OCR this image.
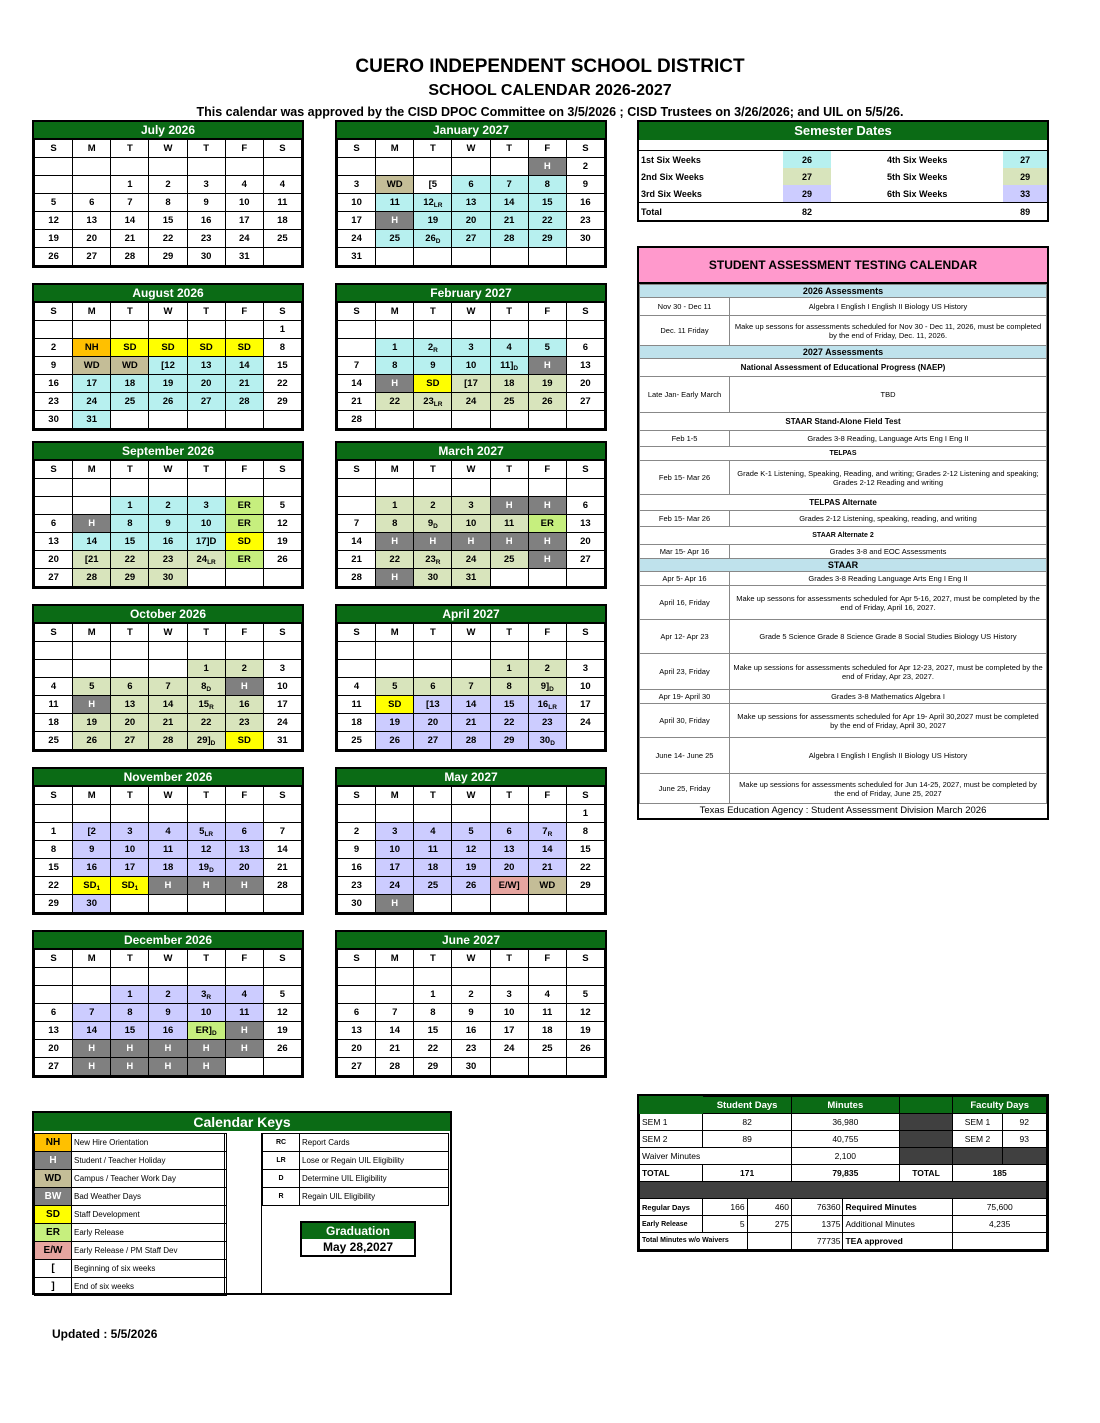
CUERO INDEPENDENT SCHOOL DISTRICT
SCHOOL CALENDAR 2026-2027
This calendar was approved by the CISD DPOC Committee on 3/5/2026 ; CISD Trustees on 3/26/2026; and UIL on 5/5/26.
July 2026
S	M	T	W	T	F	S

		1	2	3	4	4
5	6	7	8	9	10	11
12	13	14	15	16	17	18
19	20	21	22	23	24	25
26	27	28	29	30	31	
January 2027
S	M	T	W	T	F	S
					H	2
3	WD	[5	6	7	8	9
10	11	$12_{LR}$	13	14	15	16
17	H	19	20	21	22	23
24	25	$26_D$	27	28	29	30
31						
August 2026
S	M	T	W	T	F	S
						1
2	NH	SD	SD	SD	SD	8
9	WD	WD	[12	13	14	15
16	17	18	19	20	21	22
23	24	25	26	27	28	29
30	31					
February 2027
S	M	T	W	T	F	S

	1	$2_R$	3	4	5	6
7	8	9	10	$11]_D$	H	13
14	H	SD	[17	18	19	20
21	22	$23_{LR}$	24	25	26	27
28						
September 2026
S	M	T	W	T	F	S

		1	2	3	ER	5
6	H	8	9	10	ER	12
13	14	15	16	17]D	SD	19
20	[21	22	23	$24_{LR}$	ER	26
27	28	29	30			
March 2027
S	M	T	W	T	F	S

	1	2	3	H	H	6
7	8	$9_D$	10	11	ER	13
14	H	H	H	H	H	20
21	22	$23_R$	24	25	H	27
28	H	30	31			
October 2026
S	M	T	W	T	F	S

				1	2	3
4	5	6	7	$8_D$	H	10
11	H	13	14	$15_R$	16	17
18	19	20	21	22	23	24
25	26	27	28	$29]_D$	SD	31
April 2027
S	M	T	W	T	F	S

				1	2	3
4	5	6	7	8	$9]_D$	10
11	SD	[13	14	15	$16_{LR}$	17
18	19	20	21	22	23	24
25	26	27	28	29	$30_D$	
November 2026
S	M	T	W	T	F	S

1	[2	3	4	$5_{LR}$	6	7
8	9	10	11	12	13	14
15	16	17	18	$19_D$	20	21
22	$SD_1$	$SD_1$	H	H	H	28
29	30					
May 2027
S	M	T	W	T	F	S
						1
2	3	4	5	6	$7_R$	8
9	10	11	12	13	14	15
16	17	18	19	20	21	22
23	24	25	26	E/W]	WD	29
30	H					
December 2026
S	M	T	W	T	F	S

		1	2	$3_R$	4	5
6	7	8	9	10	11	12
13	14	15	16	$ER]_D$	H	19
20	H	H	H	H	H	26
27	H	H	H	H		
June 2027
S	M	T	W	T	F	S

		1	2	3	4	5
6	7	8	9	10	11	12
13	14	15	16	17	18	19
20	21	22	23	24	25	26
27	28	29	30			
Semester Dates

1st Six Weeks	26	4th Six Weeks	27
2nd Six Weeks	27	5th Six Weeks	29
3rd Six Weeks	29	6th Six Weeks	33
Total	82		89
STUDENT ASSESSMENT TESTING CALENDAR
2026 Assessments	
Nov 30 - Dec 11	Algebra I English I English II Biology US History
Dec. 11 Friday	Make up sessons for assessments scheduled for Nov 30 - Dec 11, 2026, must be completed by the end of Friday, Dec. 11, 2026.
2027 Assessments	
National Assessment of Educational Progress (NAEP)	
Late Jan- Early March	TBD
STAAR Stand-Alone Field Test	
Feb 1-5	Grades 3-8 Reading, Language Arts Eng I Eng II
TELPAS	
Feb 15- Mar 26	Grade K-1 Listening, Speaking, Reading, and writing; Grades 2-12 Listening and speaking; Grades 2-12 Reading and writing
TELPAS Alternate	
Feb 15- Mar 26	Grades 2-12 Listening, speaking, reading, and writing
STAAR Alternate 2	
Mar 15- Apr 16	Grades 3-8 and EOC Assessments
STAAR	
Apr 5- Apr 16	Grades 3-8 Reading Language Arts Eng I Eng II
April 16, Friday	Make up sessons for assessments scheduled for Apr 5-16, 2027, must be completed by the end of Friday, April 16, 2027.
Apr 12- Apr 23	Grade 5 Science Grade 8 Science Grade 8 Social Studies Biology US History
April 23, Friday	Make up sessions for assessments scheduled for Apr 12-23, 2027, must be completed by the end of Friday, Apr 23, 2027.
Apr 19- April 30	Grades 3-8 Mathematics Algebra I
April 30, Friday	Make up sessions for assessments scheduled for Apr 19- April 30,2027 must be completed by the end of Friday, April 30, 2027
June 14- June 25	Algebra I English I English II Biology US History
June 25, Friday	Make up sessions for assessments scheduled for Jun 14-25, 2027, must be completed by the end of Friday, June 25, 2027
Texas Education Agency : Student Assessment Division March 2026	
Calendar Keys
NH	New Hire Orientation
H	Student / Teacher Holiday
WD	Campus / Teacher Work Day
BW	Bad Weather Days
SD	Staff Development
ER	Early Release
E/W	Early Release / PM Staff Dev
[	Beginning of six weeks
]	End of six weeks
RC	Report Cards
LR	Lose or Regain UIL Eligibility
D	Determine UIL Eligibility
R	Regain UIL Eligibility
Graduation
May 28,2027
	Student Days		Minutes			Faculty Days	
SEM 1	82		36,980			SEM 1	92
SEM 2	89		40,755			SEM 2	93
Waiver Minutes			2,100				
TOTAL	171		79,835		TOTAL	185	

Regular Days	166	460	76360	Required Minutes		75,600	
Early Release	5	275	1375	Additional Minutes		4,235	
Total Minutes w/o Waivers			77735	TEA approved			
Updated : 5/5/2026
